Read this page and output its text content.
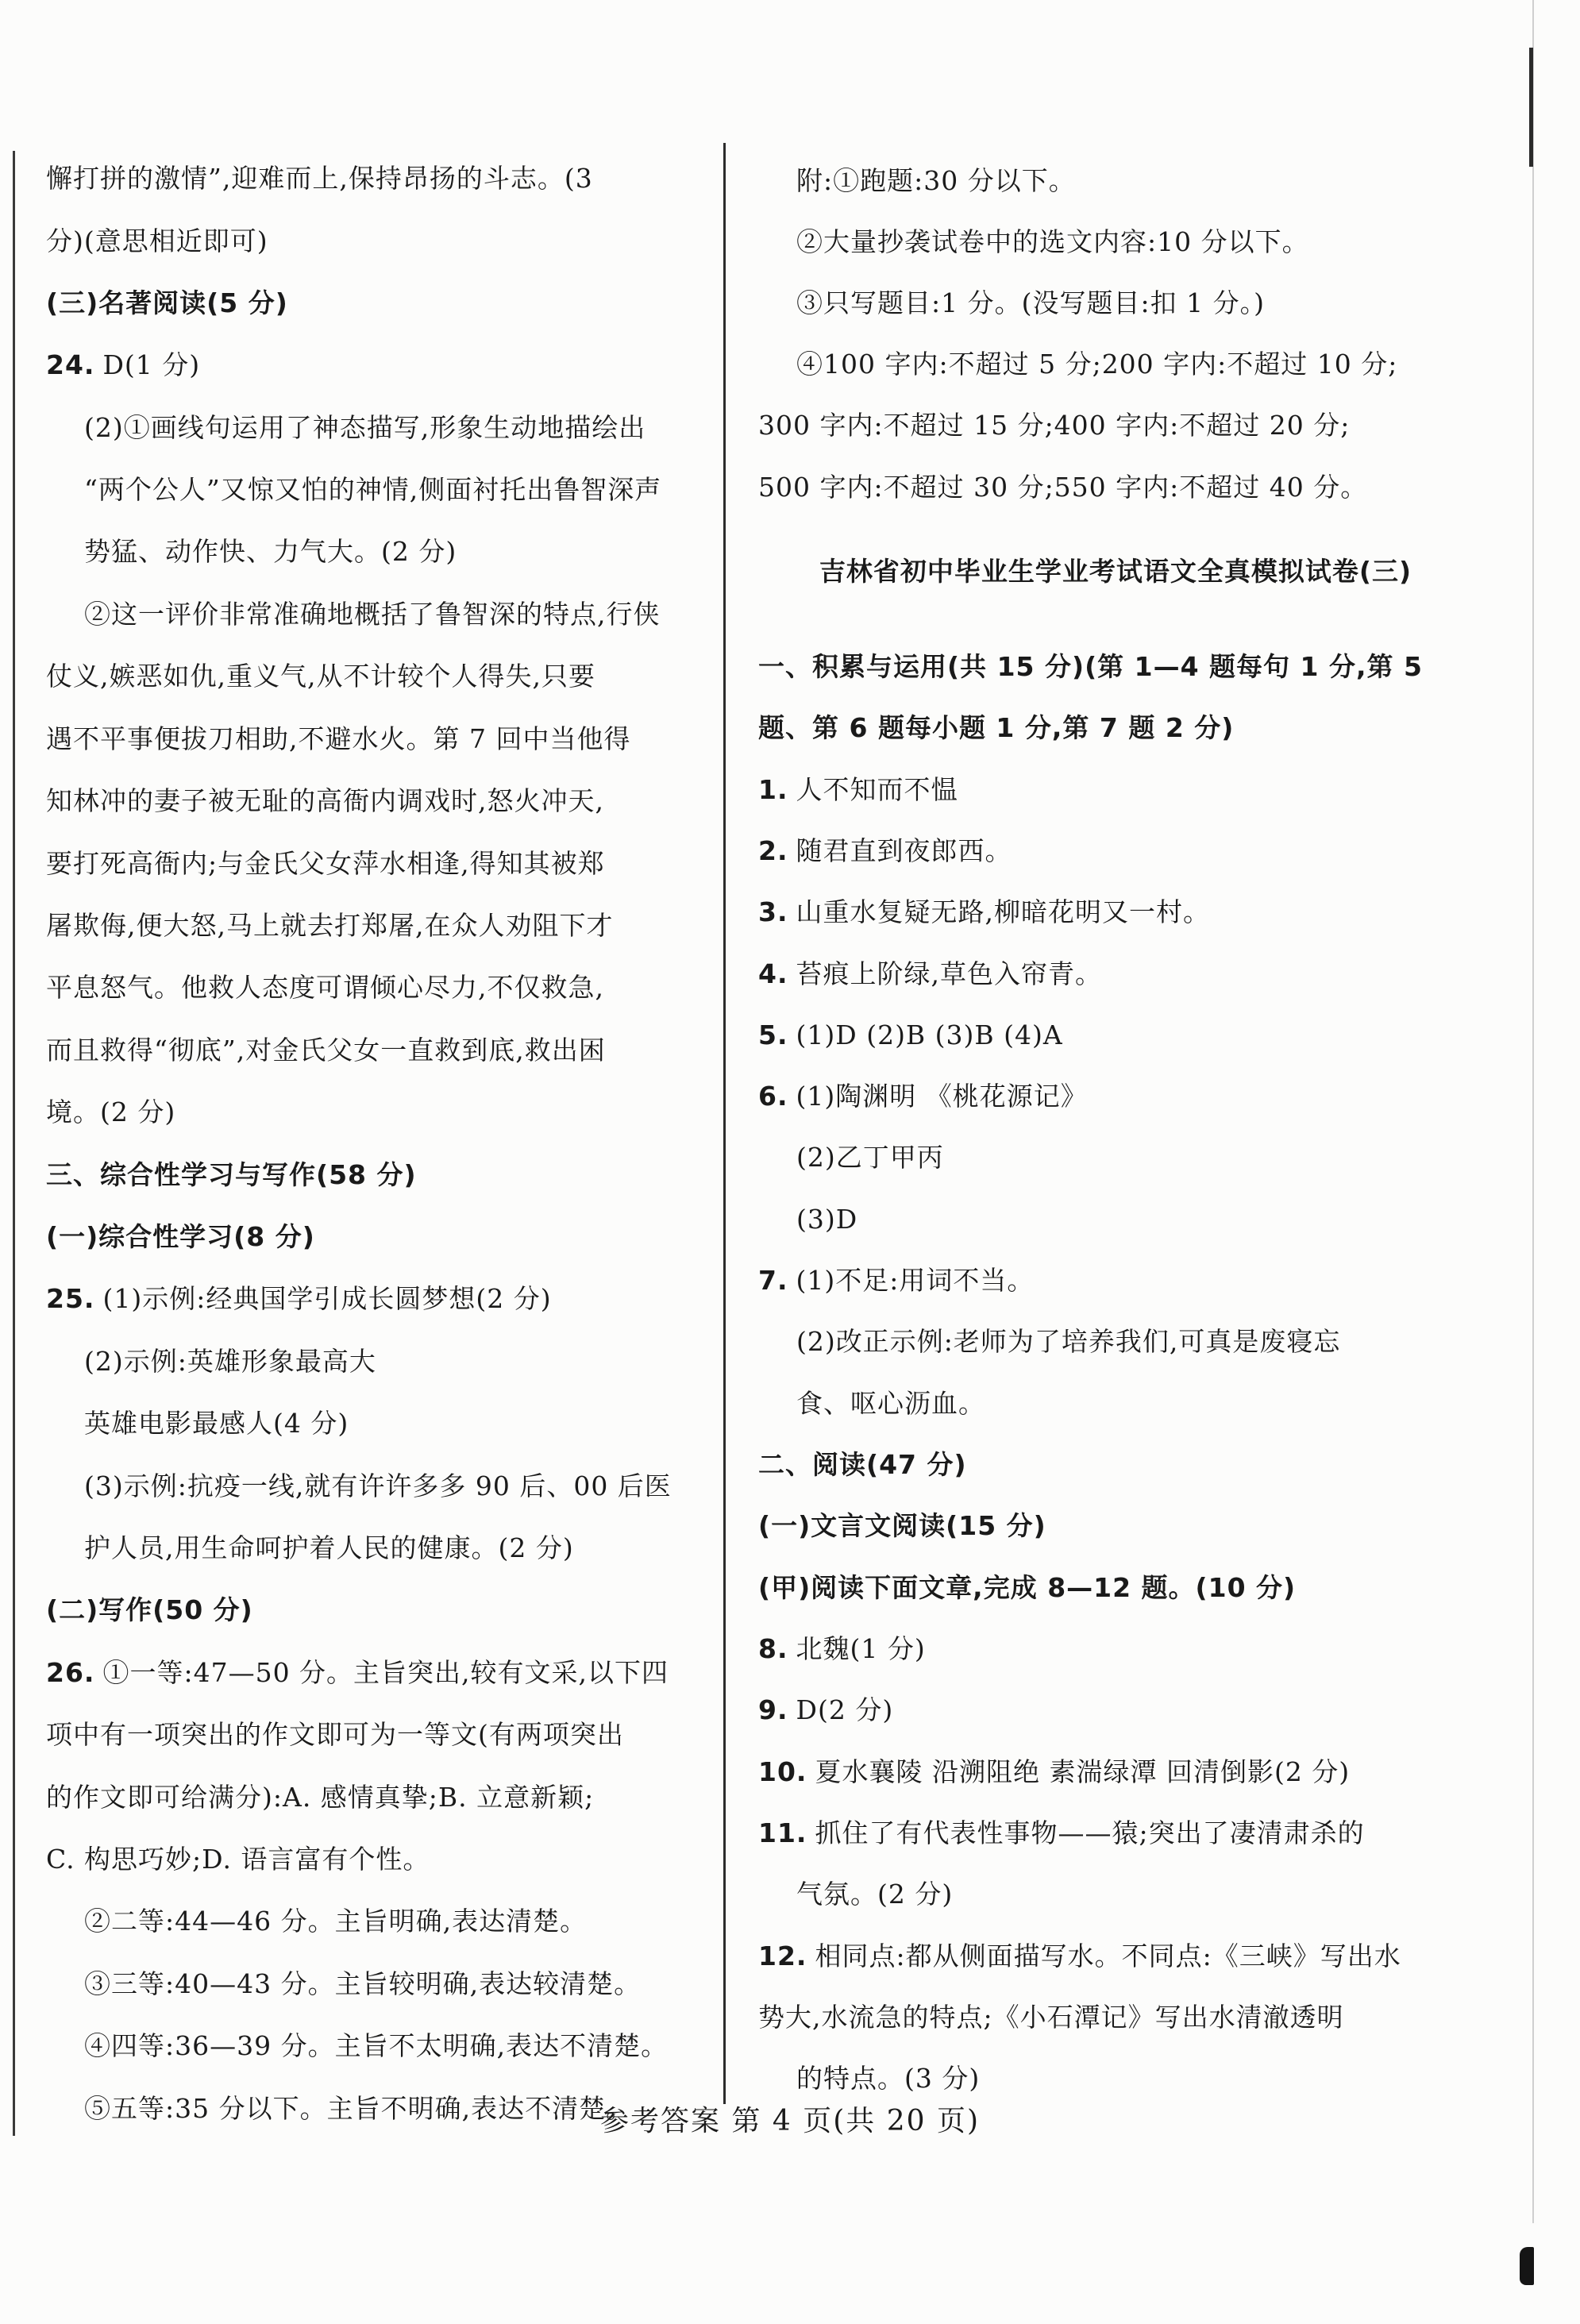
懈打拼的激情”,迎难而上,保持昂扬的斗志。(3
分)(意思相近即可)
(三)名著阅读(5 分)
24. D(1 分)
(2)①画线句运用了神态描写,形象生动地描绘出
“两个公人”又惊又怕的神情,侧面衬托出鲁智深声
势猛、动作快、力气大。(2 分)
②这一评价非常准确地概括了鲁智深的特点,行侠
仗义,嫉恶如仇,重义气,从不计较个人得失,只要
遇不平事便拔刀相助,不避水火。第 7 回中当他得
知林冲的妻子被无耻的高衙内调戏时,怒火冲天,
要打死高衙内;与金氏父女萍水相逢,得知其被郑
屠欺侮,便大怒,马上就去打郑屠,在众人劝阻下才
平息怒气。他救人态度可谓倾心尽力,不仅救急,
而且救得“彻底”,对金氏父女一直救到底,救出困
境。(2 分)
三、综合性学习与写作(58 分)
(一)综合性学习(8 分)
25. (1)示例:经典国学引成长圆梦想(2 分)
(2)示例:英雄形象最高大
英雄电影最感人(4 分)
(3)示例:抗疫一线,就有许许多多 90 后、00 后医
护人员,用生命呵护着人民的健康。(2 分)
(二)写作(50 分)
26. ①一等:47—50 分。主旨突出,较有文采,以下四
项中有一项突出的作文即可为一等文(有两项突出
的作文即可给满分):A. 感情真挚;B. 立意新颖;
C. 构思巧妙;D. 语言富有个性。
②二等:44—46 分。主旨明确,表达清楚。
③三等:40—43 分。主旨较明确,表达较清楚。
④四等:36—39 分。主旨不太明确,表达不清楚。
⑤五等:35 分以下。主旨不明确,表达不清楚。
附:①跑题:30 分以下。
②大量抄袭试卷中的选文内容:10 分以下。
③只写题目:1 分。(没写题目:扣 1 分。)
④100 字内:不超过 5 分;200 字内:不超过 10 分;
300 字内:不超过 15 分;400 字内:不超过 20 分;
500 字内:不超过 30 分;550 字内:不超过 40 分。
吉林省初中毕业生学业考试语文全真模拟试卷(三)
一、积累与运用(共 15 分)(第 1—4 题每句 1 分,第 5
题、第 6 题每小题 1 分,第 7 题 2 分)
1. 人不知而不愠
2. 随君直到夜郎西。
3. 山重水复疑无路,柳暗花明又一村。
4. 苔痕上阶绿,草色入帘青。
5. (1)D (2)B (3)B (4)A
6. (1)陶渊明 《桃花源记》
(2)乙丁甲丙
(3)D
7. (1)不足:用词不当。
(2)改正示例:老师为了培养我们,可真是废寝忘
食、呕心沥血。
二、阅读(47 分)
(一)文言文阅读(15 分)
(甲)阅读下面文章,完成 8—12 题。(10 分)
8. 北魏(1 分)
9. D(2 分)
10. 夏水襄陵 沿溯阻绝 素湍绿潭 回清倒影(2 分)
11. 抓住了有代表性事物——猿;突出了凄清肃杀的
气氛。(2 分)
12. 相同点:都从侧面描写水。不同点:《三峡》写出水
势大,水流急的特点;《小石潭记》写出水清澈透明
的特点。(3 分)
参考答案 第 4 页(共 20 页)
